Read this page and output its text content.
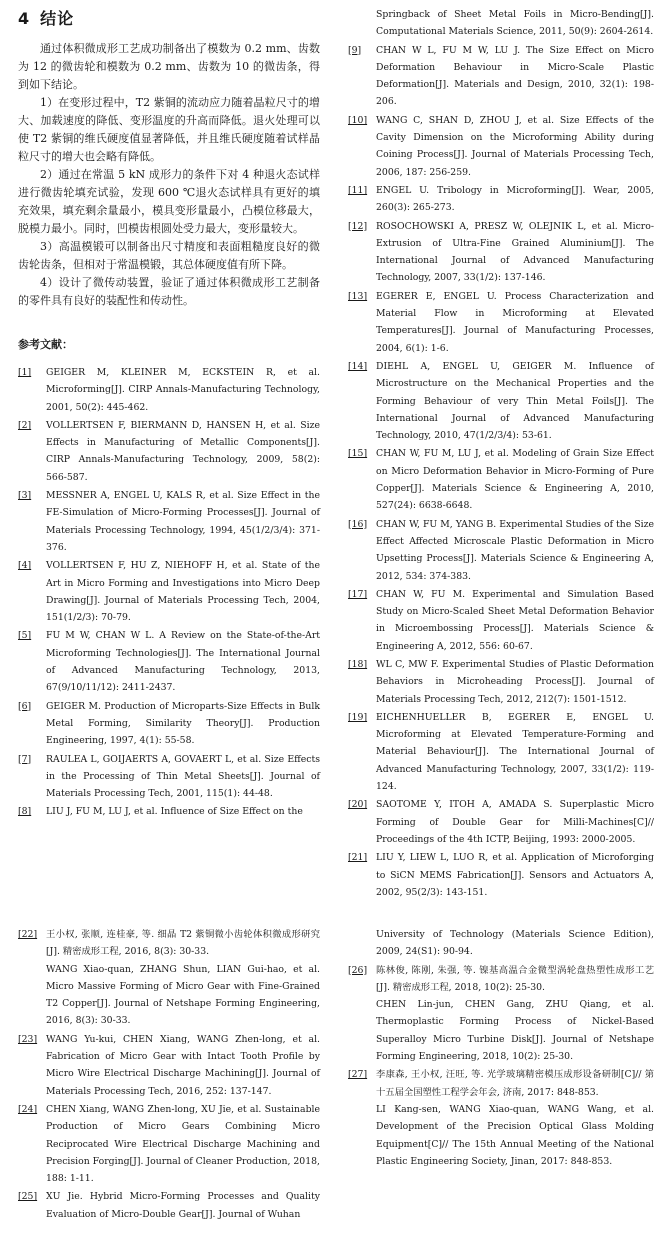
4 结论

通过体积微成形工艺成功制备出了模数为 0.2 mm、齿数为 12 的微齿轮和模数为 0.2 mm、齿数为 10 的微齿条，得到如下结论。

1）在变形过程中，T2 紫铜的流动应力随着晶粒尺寸的增大、加载速度的降低、变形温度的升高而降低。退火处理可以使 T2 紫铜的维氏硬度值显著降低，并且维氏硬度随着试样晶粒尺寸的增大也会略有降低。

2）通过在常温 5 kN 成形力的条件下对 4 种退火态试样进行微齿轮填充试验，发现 600 ℃退火态试样具有更好的填充效果，填充剩余量最小，模具变形量最小，凸模位移最大，脱模力最小。同时，凹模齿根圆处受力最大，变形量较大。

3）高温模锻可以制备出尺寸精度和表面粗糙度良好的微齿轮齿条，但相对于常温模锻，其总体硬度值有所下降。

4）设计了微传动装置，验证了通过体积微成形工艺制备的零件具有良好的装配性和传动性。

参考文献：
[1] GEIGER M, KLEINER M, ECKSTEIN R, et al. Microforming[J]. CIRP Annals-Manufacturing Technology, 2001, 50(2): 445-462.
[2] VOLLERTSEN F, BIERMANN D, HANSEN H, et al. Size Effects in Manufacturing of Metallic Components[J]. CIRP Annals-Manufacturing Technology, 2009, 58(2): 566-587.
[3] MESSNER A, ENGEL U, KALS R, et al. Size Effect in the FE-Simulation of Micro-Forming Processes[J]. Journal of Materials Processing Technology, 1994, 45(1/2/3/4): 371-376.
[4] VOLLERTSEN F, HU Z, NIEHOFF H, et al. State of the Art in Micro Forming and Investigations into Micro Deep Drawing[J]. Journal of Materials Processing Tech, 2004, 151(1/2/3): 70-79.
[5] FU M W, CHAN W L. A Review on the State-of-the-Art Microforming Technologies[J]. The International Journal of Advanced Manufacturing Technology, 2013, 67(9/10/11/12): 2411-2437.
[6] GEIGER M. Production of Microparts-Size Effects in Bulk Metal Forming, Similarity Theory[J]. Production Engineering, 1997, 4(1): 55-58.
[7] RAULEA L, GOIJAERTS A, GOVAERT L, et al. Size Effects in the Processing of Thin Metal Sheets[J]. Journal of Materials Processing Tech, 2001, 115(1): 44-48.
[8] LIU J, FU M, LU J, et al. Influence of Size Effect on the
Springback of Sheet Metal Foils in Micro-Bending[J]. Computational Materials Science, 2011, 50(9): 2604-2614.
[9] CHAN W L, FU M W, LU J. The Size Effect on Micro Deformation Behaviour in Micro-Scale Plastic Deformation[J]. Materials and Design, 2010, 32(1): 198-206.
[10] WANG C, SHAN D, ZHOU J, et al. Size Effects of the Cavity Dimension on the Microforming Ability during Coining Process[J]. Journal of Materials Processing Tech, 2006, 187: 256-259.
[11] ENGEL U. Tribology in Microforming[J]. Wear, 2005, 260(3): 265-273.
[12] ROSOCHOWSKI A, PRESZ W, OLEJNIK L, et al. Micro-Extrusion of Ultra-Fine Grained Aluminium[J]. The International Journal of Advanced Manufacturing Technology, 2007, 33(1/2): 137-146.
[13] EGERER E, ENGEL U. Process Characterization and Material Flow in Microforming at Elevated Temperatures[J]. Journal of Manufacturing Processes, 2004, 6(1): 1-6.
[14] DIEHL A, ENGEL U, GEIGER M. Influence of Microstructure on the Mechanical Properties and the Forming Behaviour of very Thin Metal Foils[J]. The International Journal of Advanced Manufacturing Technology, 2010, 47(1/2/3/4): 53-61.
[15] CHAN W, FU M, LU J, et al. Modeling of Grain Size Effect on Micro Deformation Behavior in Micro-Forming of Pure Copper[J]. Materials Science & Engineering A, 2010, 527(24): 6638-6648.
[16] CHAN W, FU M, YANG B. Experimental Studies of the Size Effect Affected Microscale Plastic Deformation in Micro Upsetting Process[J]. Materials Science & Engineering A, 2012, 534: 374-383.
[17] CHAN W, FU M. Experimental and Simulation Based Study on Micro-Scaled Sheet Metal Deformation Behavior in Microembossing Process[J]. Materials Science & Engineering A, 2012, 556: 60-67.
[18] WL C, MW F. Experimental Studies of Plastic Deformation Behaviors in Microheading Process[J]. Journal of Materials Processing Tech, 2012, 212(7): 1501-1512.
[19] EICHENHUELLER B, EGERER E, ENGEL U. Microforming at Elevated Temperature-Forming and Material Behaviour[J]. The International Journal of Advanced Manufacturing Technology, 2007, 33(1/2): 119-124.
[20] SAOTOME Y, ITOH A, AMADA S. Superplastic Micro Forming of Double Gear for Milli-Machines[C]// Proceedings of the 4th ICTP, Beijing, 1993: 2000-2005.
[21] LIU Y, LIEW L, LUO R, et al. Application of Microforging to SiCN MEMS Fabrication[J]. Sensors and Actuators A, 2002, 95(2/3): 143-151.
[22] 王小权, 张顺, 连桂豪, 等. 细晶 T2 紫铜微小齿轮体积微成形研究[J]. 精密成形工程, 2016, 8(3): 30-33.
WANG Xiao-quan, ZHANG Shun, LIAN Gui-hao, et al. Micro Massive Forming of Micro Gear with Fine-Grained T2 Copper[J]. Journal of Netshape Forming Engineering, 2016, 8(3): 30-33.
[23] WANG Yu-kui, CHEN Xiang, WANG Zhen-long, et al. Fabrication of Micro Gear with Intact Tooth Profile by Micro Wire Electrical Discharge Machining[J]. Journal of Materials Processing Tech, 2016, 252: 137-147.
[24] CHEN Xiang, WANG Zhen-long, XU Jie, et al. Sustainable Production of Micro Gears Combining Micro Reciprocated Wire Electrical Discharge Machining and Precision Forging[J]. Journal of Cleaner Production, 2018, 188: 1-11.
[25] XU Jie. Hybrid Micro-Forming Processes and Quality Evaluation of Micro-Double Gear[J]. Journal of Wuhan
University of Technology (Materials Science Edition), 2009, 24(S1): 90-94.
[26] 陈林俊, 陈刚, 朱强, 等. 镍基高温合金微型涡轮盘热塑性成形工艺[J]. 精密成形工程, 2018, 10(2): 25-30.
CHEN Lin-jun, CHEN Gang, ZHU Qiang, et al. Thermoplastic Forming Process of Nickel-Based Superalloy Micro Turbine Disk[J]. Journal of Netshape Forming Engineering, 2018, 10(2): 25-30.
[27] 李康森, 王小权, 汪旺, 等. 光学玻璃精密模压成形设备研制[C]// 第十五届全国塑性工程学会年会, 济南, 2017: 848-853.
LI Kang-sen, WANG Xiao-quan, WANG Wang, et al. Development of the Precision Optical Glass Molding Equipment[C]// The 15th Annual Meeting of the National Plastic Engineering Society, Jinan, 2017: 848-853.
